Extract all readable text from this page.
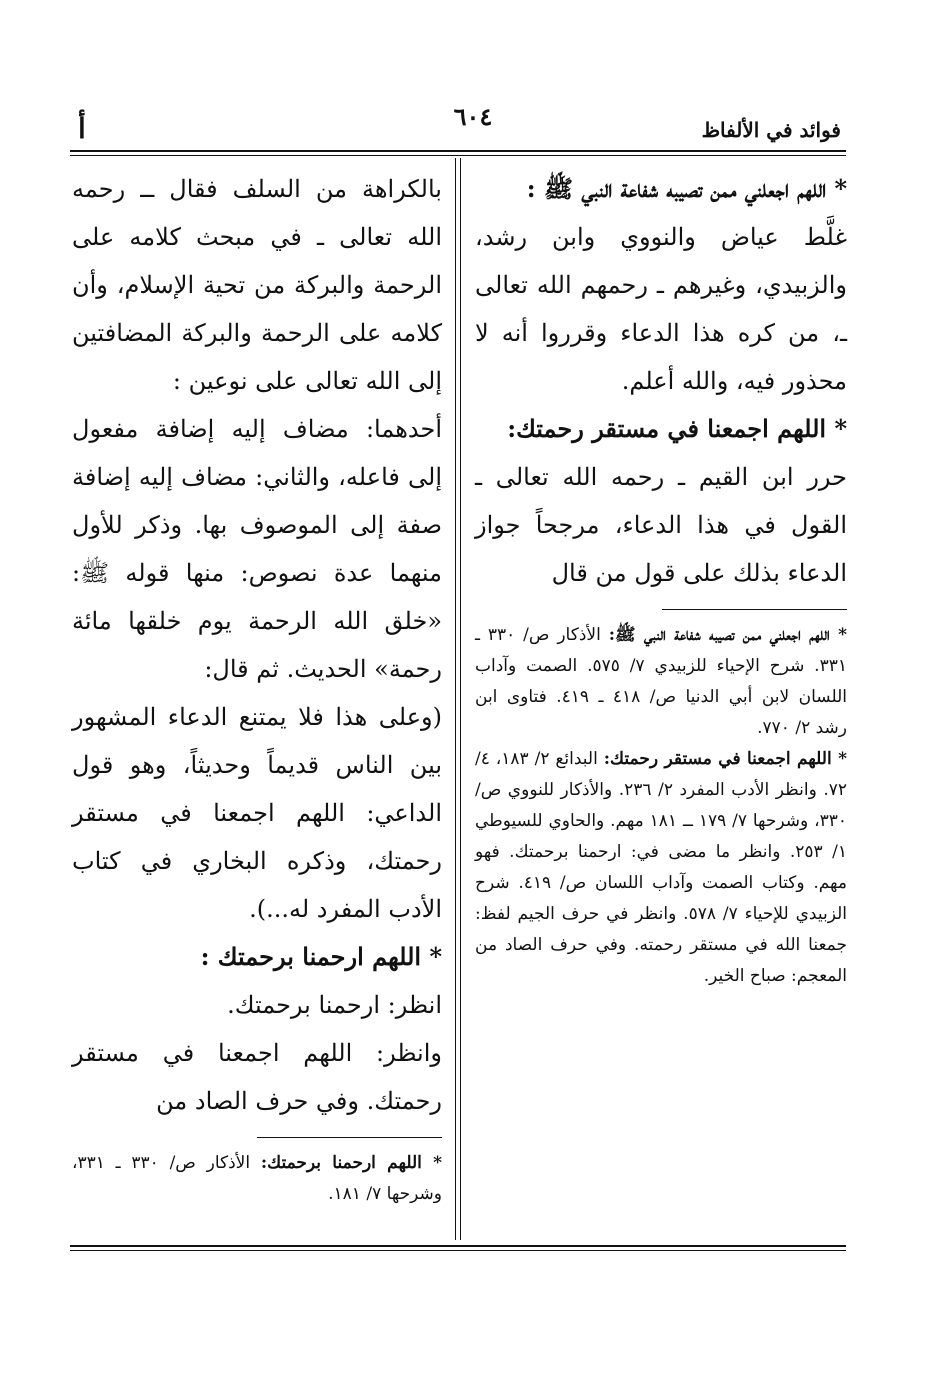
فوائد في الألفاظ
٦٠٤
أ

* اللهم اجعلني ممن تصيبه شفاعة النبي ﷺ :

غلَّط عياض والنووي وابن رشد، والزبيدي، وغيرهم ـ رحمهم الله تعالى ـ، من كره هذا الدعاء وقرروا أنه لا محذور فيه، والله أعلم.

* اللهم اجمعنا في مستقر رحمتك:

حرر ابن القيم ـ رحمه الله تعالى ـ القول في هذا الدعاء، مرجحاً جواز الدعاء بذلك على قول من قال

* اللهم اجعلني ممن تصيبه شفاعة النبي ﷺ: الأذكار ص/ ٣٣٠ ـ ٣٣١. شرح الإحياء للزبيدي ٧/ ٥٧٥. الصمت وآداب اللسان لابن أبي الدنيا ص/ ٤١٨ ـ ٤١٩. فتاوى ابن رشد ٢/ ٧٧٠.

* اللهم اجمعنا في مستقر رحمتك: البدائع ٢/ ١٨٣، ٤/ ٧٢. وانظر الأدب المفرد ٢/ ٢٣٦. والأذكار للنووي ص/ ٣٣٠، وشرحها ٧/ ١٧٩ ــ ١٨١ مهم. والحاوي للسيوطي ١/ ٢٥٣. وانظر ما مضى في: ارحمنا برحمتك. فهو مهم. وكتاب الصمت وآداب اللسان ص/ ٤١٩. شرح الزبيدي للإحياء ٧/ ٥٧٨. وانظر في حرف الجيم لفظ: جمعنا الله في مستقر رحمته. وفي حرف الصاد من المعجم: صباح الخير.

بالكراهة من السلف فقال ــ رحمه الله تعالى ـ في مبحث كلامه على الرحمة والبركة من تحية الإسلام، وأن كلامه على الرحمة والبركة المضافتين إلى الله تعالى على نوعين :

أحدهما: مضاف إليه إضافة مفعول إلى فاعله، والثاني: مضاف إليه إضافة صفة إلى الموصوف بها. وذكر للأول منهما عدة نصوص: منها قوله ﷺ: «خلق الله الرحمة يوم خلقها مائة رحمة» الحديث. ثم قال:

(وعلى هذا فلا يمتنع الدعاء المشهور بين الناس قديماً وحديثاً، وهو قول الداعي: اللهم اجمعنا في مستقر رحمتك، وذكره البخاري في كتاب الأدب المفرد له...).

* اللهم ارحمنا برحمتك :

انظر: ارحمنا برحمتك.

وانظر: اللهم اجمعنا في مستقر رحمتك. وفي حرف الصاد من

* اللهم ارحمنا برحمتك: الأذكار ص/ ٣٣٠ ـ ٣٣١، وشرحها ٧/ ١٨١.
